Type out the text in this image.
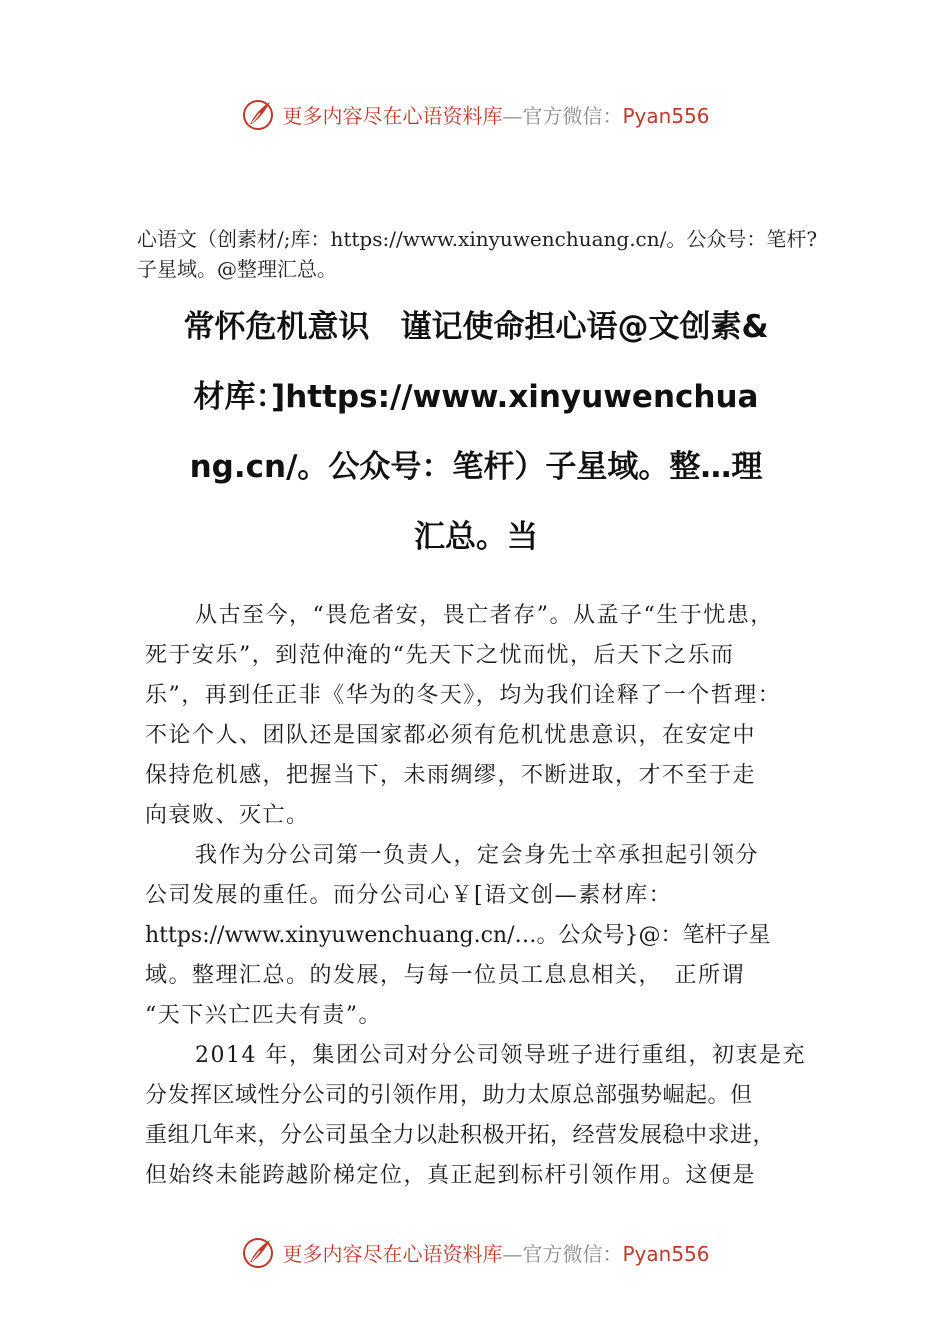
更多内容尽在心语资料库—官方微信：Pyan556
心语文（创素材/;库：https://www.xinyuwenchuang.cn/。公众号：笔杆?子星域。@整理汇总。
常怀危机意识　谨记使命担心语@文创素&
材库：]https://www.xinyuwenchua
ng.cn/。公众号：笔杆）子星域。整…理
汇总。当
从古至今，“畏危者安，畏亡者存”。从孟子“生于忧患，
死于安乐”，到范仲淹的“先天下之忧而忧，后天下之乐而
乐”，再到任正非《华为的冬天》，均为我们诠释了一个哲理：
不论个人、团队还是国家都必须有危机忧患意识，在安定中
保持危机感，把握当下，未雨绸缪，不断进取，才不至于走
向衰败、灭亡。
我作为分公司第一负责人，定会身先士卒承担起引领分
公司发展的重任。而分公司心￥[语文创—素材库：
https://www.xinyuwenchuang.cn/…。公众号}@：笔杆子星
域。整理汇总。的发展，与每一位员工息息相关，　正所谓
“天下兴亡匹夫有责”。
2014 年，集团公司对分公司领导班子进行重组，初衷是充
分发挥区域性分公司的引领作用，助力太原总部强势崛起。但
重组几年来，分公司虽全力以赴积极开拓，经营发展稳中求进，
但始终未能跨越阶梯定位，真正起到标杆引领作用。这便是
更多内容尽在心语资料库—官方微信：Pyan556
